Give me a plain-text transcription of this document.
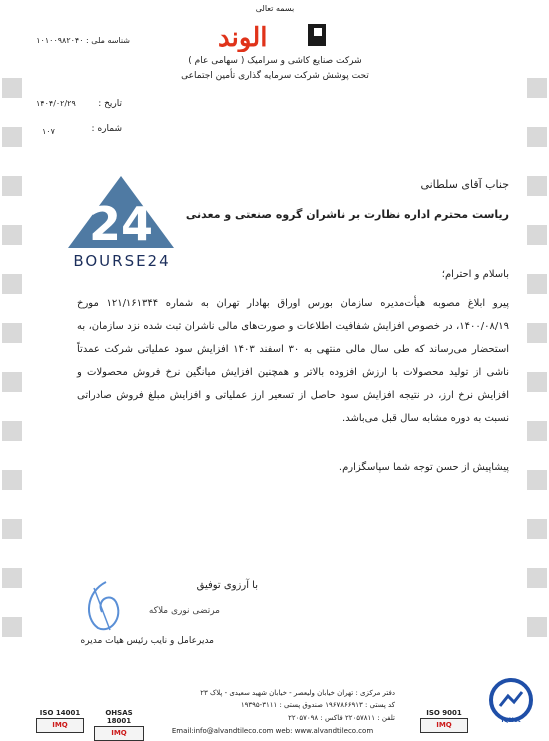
بسمه تعالی
الوند
شرکت صنایع کاشی و سرامیک ( سهامی عام )
تحت پوشش شرکت سرمایه گذاری تأمین اجتماعی
شناسه ملی : ۱۰۱۰۰۹۸۲۰۴۰
تاریخ :
۱۴۰۴/۰۲/۲۹
شماره :
۱۰۷
24
BOURSE24
جناب آقای سلطانی
ریاست محترم اداره نظارت بر ناشران گروه صنعتی و معدنی
باسلام و احترام؛
پیرو ابلاغ مصوبه هیأت‌مدیره سازمان بورس اوراق بهادار تهران به شماره ۱۲۱/۱۶۱۳۴۴ مورخ ۱۴۰۰/۰۸/۱۹، در خصوص افزایش شفافیت اطلاعات و صورت‌های مالی ناشران ثبت شده نزد سازمان، به استحضار می‌رساند که طی سال مالی منتهی به ۳۰ اسفند ۱۴۰۳ افزایش سود عملیاتی شرکت عمدتاً ناشی از تولید محصولات با ارزش افزوده بالاتر و همچنین افزایش میانگین نرخ فروش محصولات و افزایش نرخ ارز، در نتیجه افزایش سود حاصل از تسعیر ارز عملیاتی و افزایش مبلغ فروش صادراتی نسبت به دوره مشابه سال قبل می‌باشد.
پیشاپیش از حسن توجه شما سپاسگزارم.
با آرزوی توفیق
مرتضی نوری ملاکه
مدیرعامل و نایب رئیس هیات مدیره
دفتر مرکزی : تهران خیابان ولیعصر - خیابان شهید سعیدی - پلاک ۲۳
کد پستی : ۱۹۶۷۸۶۶۹۱۳ صندوق پستی : ۳۱۱۱-۱۹۳۹۵
تلفن : ۲۲۰۵۷۸۱۱ فاکس : ۲۲۰۵۷۰۹۸
Email:info@alvandtileco.com web: www.alvandtileco.com
ISO 14001
IMQ
OHSAS 18001
IMQ
ISO 9001
IMQ
IQNet
